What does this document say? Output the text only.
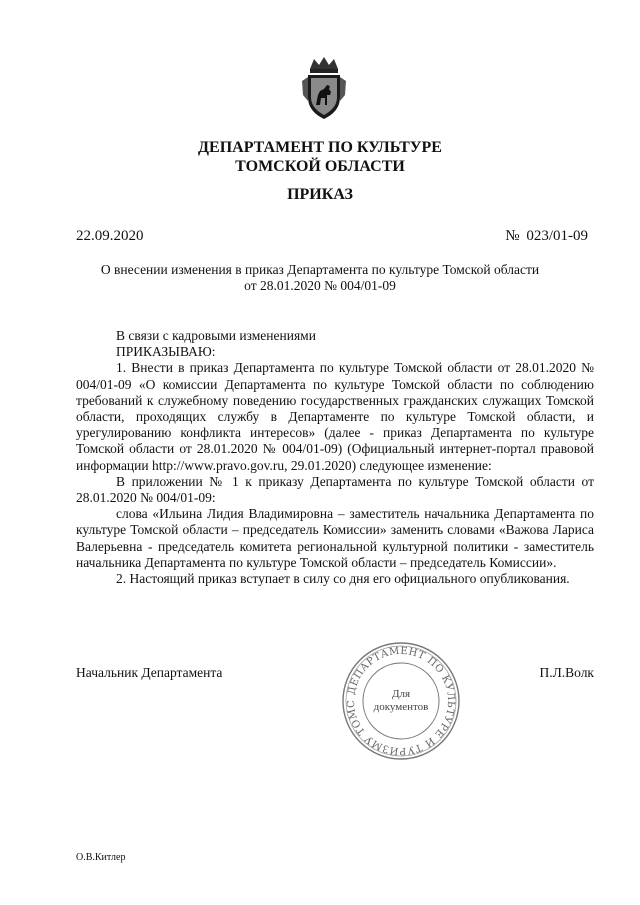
ДЕПАРТАМЕНТ ПО КУЛЬТУРЕ
ТОМСКОЙ ОБЛАСТИ
ПРИКАЗ
22.09.2020	№ 023/01-09
О внесении изменения в приказ Департамента по культуре Томской области
от 28.01.2020 № 004/01-09

В связи с кадровыми изменениями

ПРИКАЗЫВАЮ:

1. Внести в приказ Департамента по культуре Томской области от 28.01.2020 № 004/01-09 «О комиссии Департамента по культуре Томской области по соблюдению требований к служебному поведению государственных гражданских служащих Томской области, проходящих службу в Департаменте по культуре Томской области, и урегулированию конфликта интересов» (далее - приказ Департамента по культуре Томской области от 28.01.2020 № 004/01-09) (Официальный интернет-портал правовой информации http://www.pravo.gov.ru, 29.01.2020) следующее изменение:

В приложении № 1 к приказу Департамента по культуре Томской области от 28.01.2020 № 004/01-09:

слова «Ильина Лидия Владимировна – заместитель начальника Департамента по культуре Томской области – председатель Комиссии» заменить словами «Важова Лариса Валерьевна - председатель комитета региональной культурной политики - заместитель начальника Департамента по культуре Томской области – председатель Комиссии».

2. Настоящий приказ вступает в силу со дня его официального опубликования.

Начальник Департамента	П.Л.Волк
ДЕПАРТАМЕНТ ПО КУЛЬТУРЕ И ТУРИЗМУ ТОМС
Для
документов
О.В.Китлер
